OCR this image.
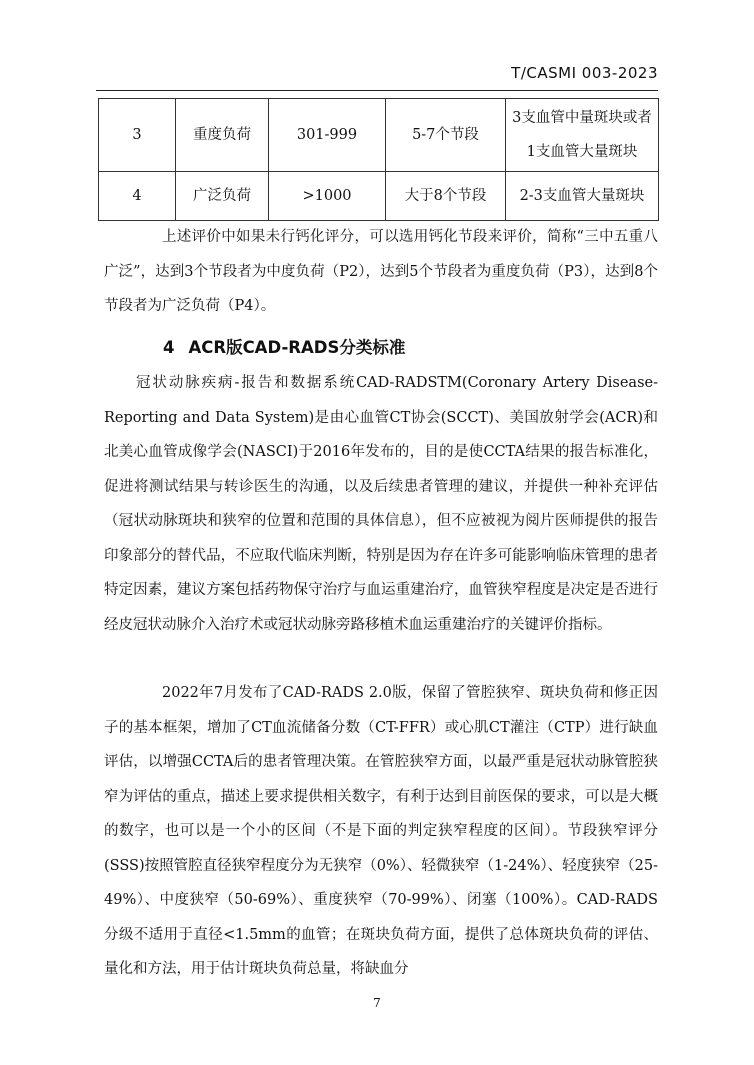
T/CASMI 003-2023
3	重度负荷	301-999	5-7个节段	3支血管中量斑块或者1支血管大量斑块
4	广泛负荷	>1000	大于8个节段	2-3支血管大量斑块
上述评价中如果未行钙化评分，可以选用钙化节段来评价，简称“三中五重八广泛”，达到3个节段者为中度负荷（P2），达到5个节段者为重度负荷（P3），达到8个节段者为广泛负荷（P4）。
4 ACR版CAD-RADS分类标准
冠状动脉疾病-报告和数据系统CAD-RADSTM(Coronary Artery Disease-Reporting and Data System)是由心血管CT协会(SCCT)、美国放射学会(ACR)和北美心血管成像学会(NASCI)于2016年发布的，目的是使CCTA结果的报告标准化，促进将测试结果与转诊医生的沟通，以及后续患者管理的建议，并提供一种补充评估（冠状动脉斑块和狭窄的位置和范围的具体信息），但不应被视为阅片医师提供的报告印象部分的替代品，不应取代临床判断，特别是因为存在许多可能影响临床管理的患者特定因素，建议方案包括药物保守治疗与血运重建治疗，血管狭窄程度是决定是否进行经皮冠状动脉介入治疗术或冠状动脉旁路移植术血运重建治疗的关键评价指标。
2022年7月发布了CAD-RADS 2.0版，保留了管腔狭窄、斑块负荷和修正因子的基本框架，增加了CT血流储备分数（CT-FFR）或心肌CT灌注（CTP）进行缺血评估，以增强CCTA后的患者管理决策。在管腔狭窄方面，以最严重是冠状动脉管腔狭窄为评估的重点，描述上要求提供相关数字，有利于达到目前医保的要求，可以是大概的数字，也可以是一个小的区间（不是下面的判定狭窄程度的区间）。节段狭窄评分(SSS)按照管腔直径狭窄程度分为无狭窄（0%）、轻微狭窄（1-24%）、轻度狭窄（25-49%）、中度狭窄（50-69%）、重度狭窄（70-99%）、闭塞（100%）。CAD-RADS分级不适用于直径<1.5mm的血管；在斑块负荷方面，提供了总体斑块负荷的评估、量化和方法，用于估计斑块负荷总量，将缺血分
7
